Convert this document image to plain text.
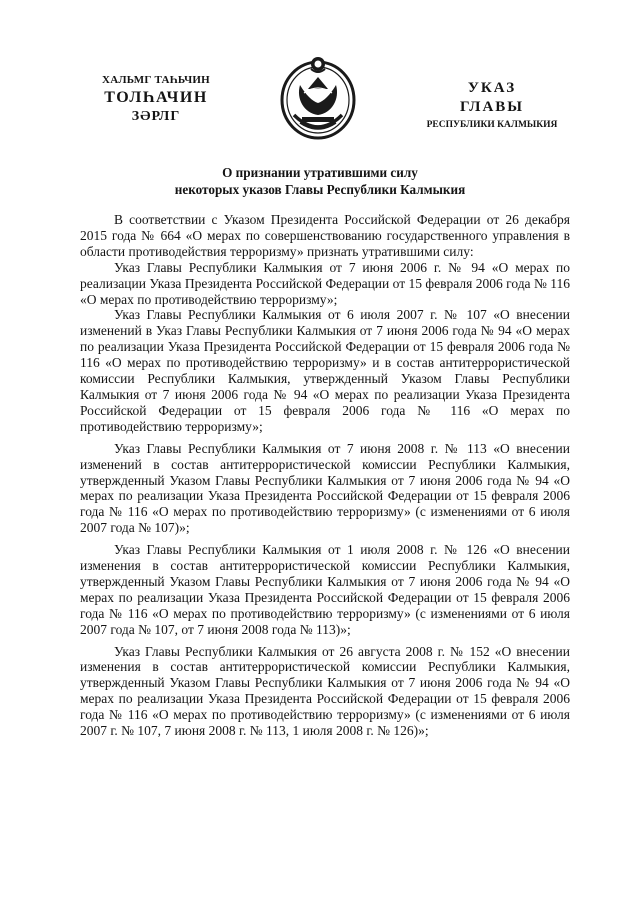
ХАЛЬМГ ТАҺЬЧИН
ТОЛҺАЧИН
ЗӘРЛГ
УКАЗ
ГЛАВЫ
РЕСПУБЛИКИ КАЛМЫКИЯ
О признании утратившими силу
некоторых указов Главы Республики Калмыкия

В соответствии с Указом Президента Российской Федерации от 26 декабря 2015 года № 664 «О мерах по совершенствованию государственного управления в области противодействия терроризму» признать утратившими силу:

Указ Главы Республики Калмыкия от 7 июня 2006 г. № 94 «О мерах по реализации Указа Президента Российской Федерации от 15 февраля 2006 года № 116 «О мерах по противодействию терроризму»;

Указ Главы Республики Калмыкия от 6 июля 2007 г. № 107 «О внесении изменений в Указ Главы Республики Калмыкия от 7 июня 2006 года № 94 «О мерах по реализации Указа Президента Российской Федерации от 15 февраля 2006 года № 116 «О мерах по противодействию терроризму» и в состав антитеррористической комиссии Республики Калмыкия, утвержденный Указом Главы Республики Калмыкия от 7 июня 2006 года № 94 «О мерах по реализации Указа Президента Российской Федерации от 15 февраля 2006 года № 116 «О мерах по противодействию терроризму»;

Указ Главы Республики Калмыкия от 7 июня 2008 г. № 113 «О внесении изменений в состав антитеррористической комиссии Республики Калмыкия, утвержденный Указом Главы Республики Калмыкия от 7 июня 2006 года № 94 «О мерах по реализации Указа Президента Российской Федерации от 15 февраля 2006 года № 116 «О мерах по противодействию терроризму» (с изменениями от 6 июля 2007 года № 107)»;

Указ Главы Республики Калмыкия от 1 июля 2008 г. № 126 «О внесении изменения в состав антитеррористической комиссии Республики Калмыкия, утвержденный Указом Главы Республики Калмыкия от 7 июня 2006 года № 94 «О мерах по реализации Указа Президента Российской Федерации от 15 февраля 2006 года № 116 «О мерах по противодействию терроризму» (с изменениями от 6 июля 2007 года № 107, от 7 июня 2008 года № 113)»;

Указ Главы Республики Калмыкия от 26 августа 2008 г. № 152 «О внесении изменения в состав антитеррористической комиссии Республики Калмыкия, утвержденный Указом Главы Республики Калмыкия от 7 июня 2006 года № 94 «О мерах по реализации Указа Президента Российской Федерации от 15 февраля 2006 года № 116 «О мерах по противодействию терроризму» (с изменениями от 6 июля 2007 г. № 107, 7 июня 2008 г. № 113, 1 июля 2008 г. № 126)»;
